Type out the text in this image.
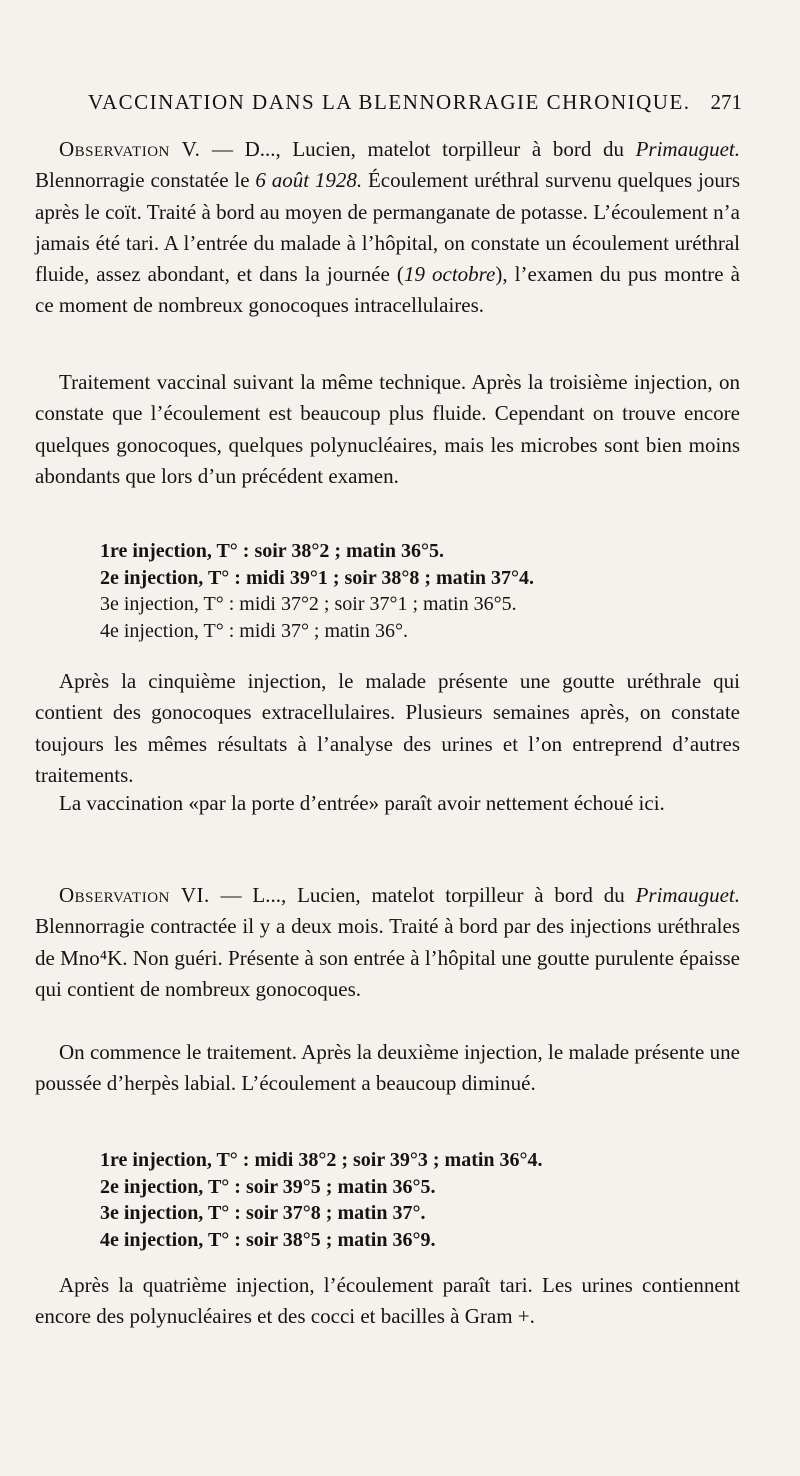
VACCINATION DANS LA BLENNORRAGIE CHRONIQUE. 271

Observation V. — D..., Lucien, matelot torpilleur à bord du Primauguet. Blennorragie constatée le 6 août 1928. Écoulement uréthral survenu quelques jours après le coït. Traité à bord au moyen de permanganate de potasse. L’écoulement n’a jamais été tari. A l’entrée du malade à l’hôpital, on constate un écoulement uréthral fluide, assez abondant, et dans la journée (19 octobre), l’examen du pus montre à ce moment de nombreux gonocoques intracellulaires.

Traitement vaccinal suivant la même technique. Après la troisième injection, on constate que l’écoulement est beaucoup plus fluide. Cependant on trouve encore quelques gonocoques, quelques polynucléaires, mais les microbes sont bien moins abondants que lors d’un précédent examen.

1re injection, T° : soir 38°2 ; matin 36°5.
2e injection, T° : midi 39°1 ; soir 38°8 ; matin 37°4.
3e injection, T° : midi 37°2 ; soir 37°1 ; matin 36°5.
4e injection, T° : midi 37° ; matin 36°.

Après la cinquième injection, le malade présente une goutte uréthrale qui contient des gonocoques extracellulaires. Plusieurs semaines après, on constate toujours les mêmes résultats à l’analyse des urines et l’on entreprend d’autres traitements.

La vaccination «par la porte d’entrée» paraît avoir nettement échoué ici.

Observation VI. — L..., Lucien, matelot torpilleur à bord du Primauguet. Blennorragie contractée il y a deux mois. Traité à bord par des injections uréthrales de Mno⁴K. Non guéri. Présente à son entrée à l’hôpital une goutte purulente épaisse qui contient de nombreux gonocoques.

On commence le traitement. Après la deuxième injection, le malade présente une poussée d’herpès labial. L’écoulement a beaucoup diminué.

1re injection, T° : midi 38°2 ; soir 39°3 ; matin 36°4.
2e injection, T° : soir 39°5 ; matin 36°5.
3e injection, T° : soir 37°8 ; matin 37°.
4e injection, T° : soir 38°5 ; matin 36°9.

Après la quatrième injection, l’écoulement paraît tari. Les urines contiennent encore des polynucléaires et des cocci et bacilles à Gram +.
